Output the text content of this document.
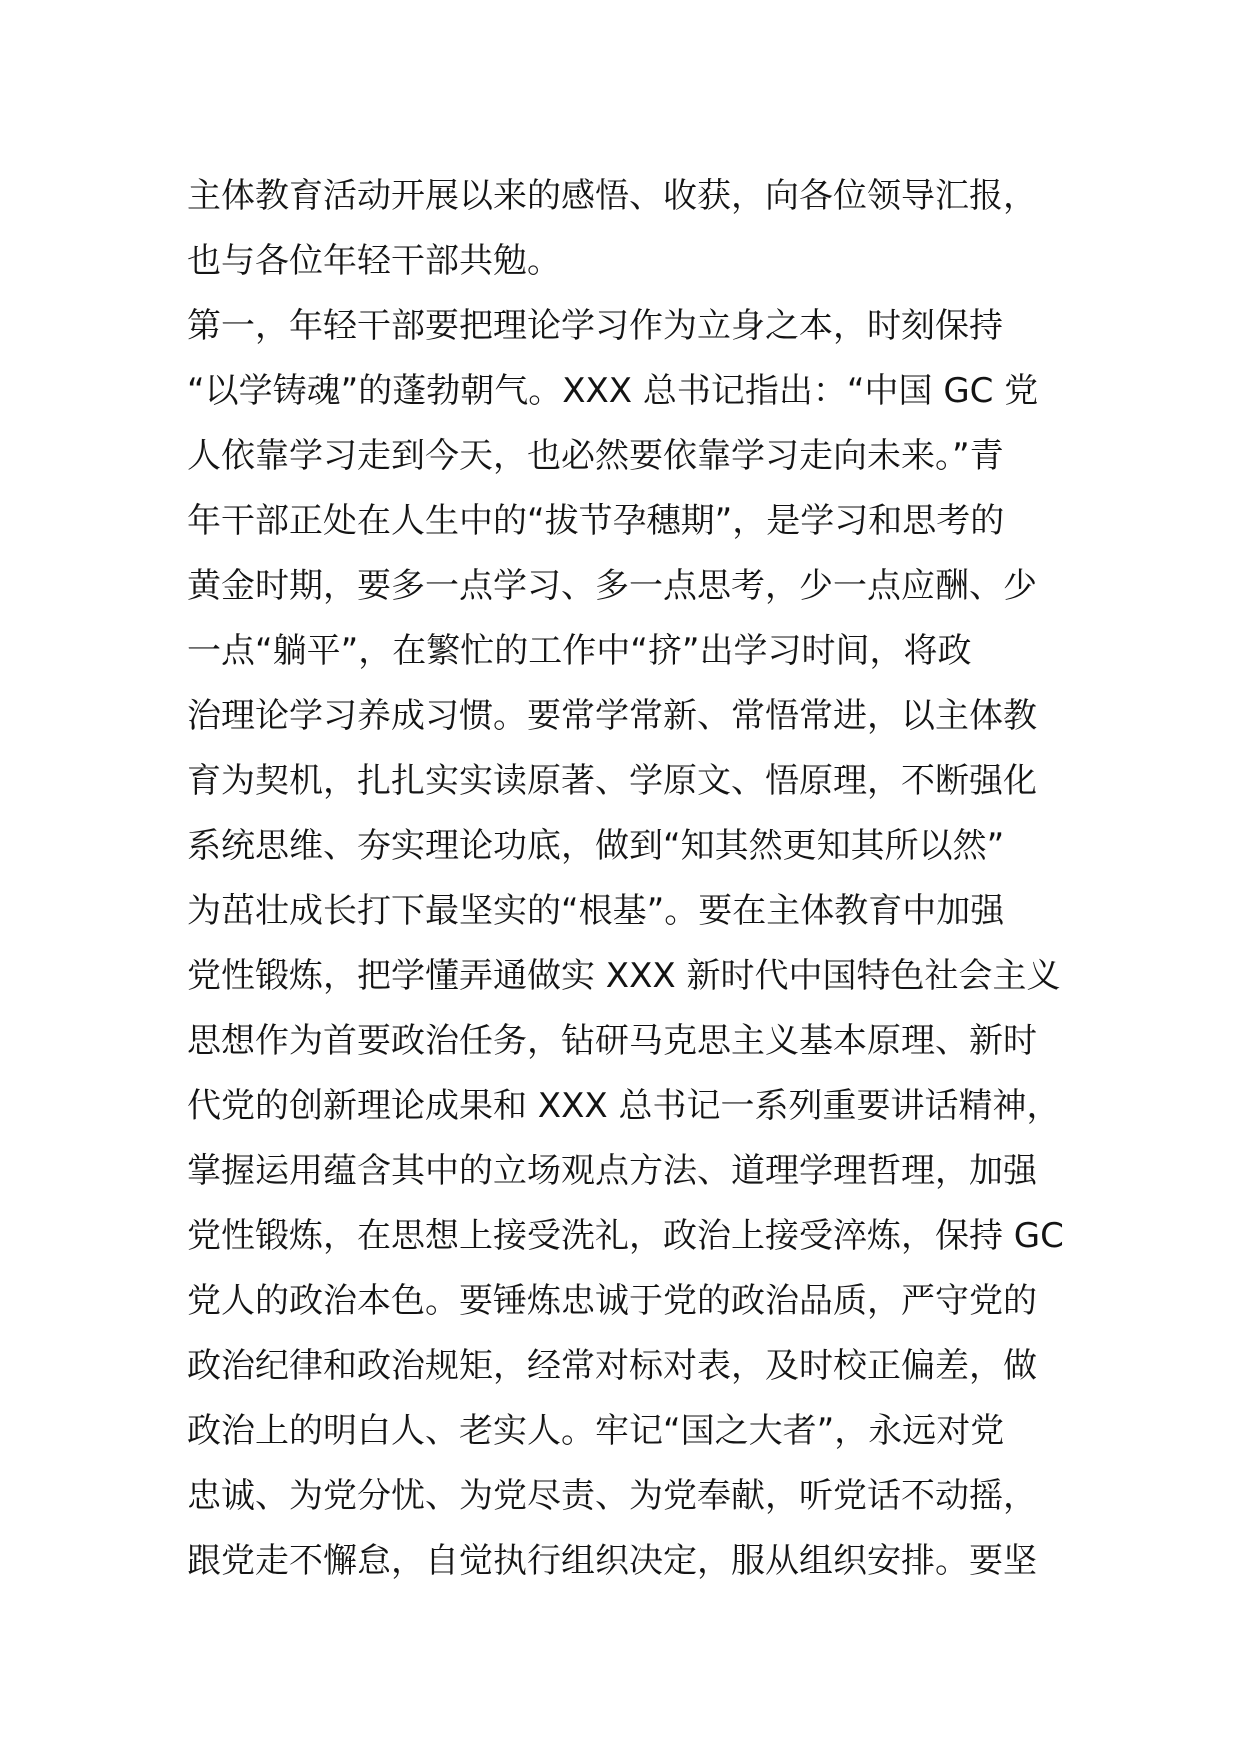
主体教育活动开展以来的感悟、收获，向各位领导汇报，
也与各位年轻干部共勉。
第一，年轻干部要把理论学习作为立身之本，时刻保持
“以学铸魂”的蓬勃朝气。XXX 总书记指出：“中国 GC 党
人依靠学习走到今天，也必然要依靠学习走向未来。”青
年干部正处在人生中的“拔节孕穗期”，是学习和思考的
黄金时期，要多一点学习、多一点思考，少一点应酬、少
一点“躺平”，在繁忙的工作中“挤”出学习时间，将政
治理论学习养成习惯。要常学常新、常悟常进，以主体教
育为契机，扎扎实实读原著、学原文、悟原理，不断强化
系统思维、夯实理论功底，做到“知其然更知其所以然”
为茁壮成长打下最坚实的“根基”。要在主体教育中加强
党性锻炼，把学懂弄通做实 XXX 新时代中国特色社会主义
思想作为首要政治任务，钻研马克思主义基本原理、新时
代党的创新理论成果和 XXX 总书记一系列重要讲话精神，
掌握运用蕴含其中的立场观点方法、道理学理哲理，加强
党性锻炼，在思想上接受洗礼，政治上接受淬炼，保持 GC
党人的政治本色。要锤炼忠诚于党的政治品质，严守党的
政治纪律和政治规矩，经常对标对表，及时校正偏差，做
政治上的明白人、老实人。牢记“国之大者”，永远对党
忠诚、为党分忧、为党尽责、为党奉献，听党话不动摇，
跟党走不懈怠，自觉执行组织决定，服从组织安排。要坚
